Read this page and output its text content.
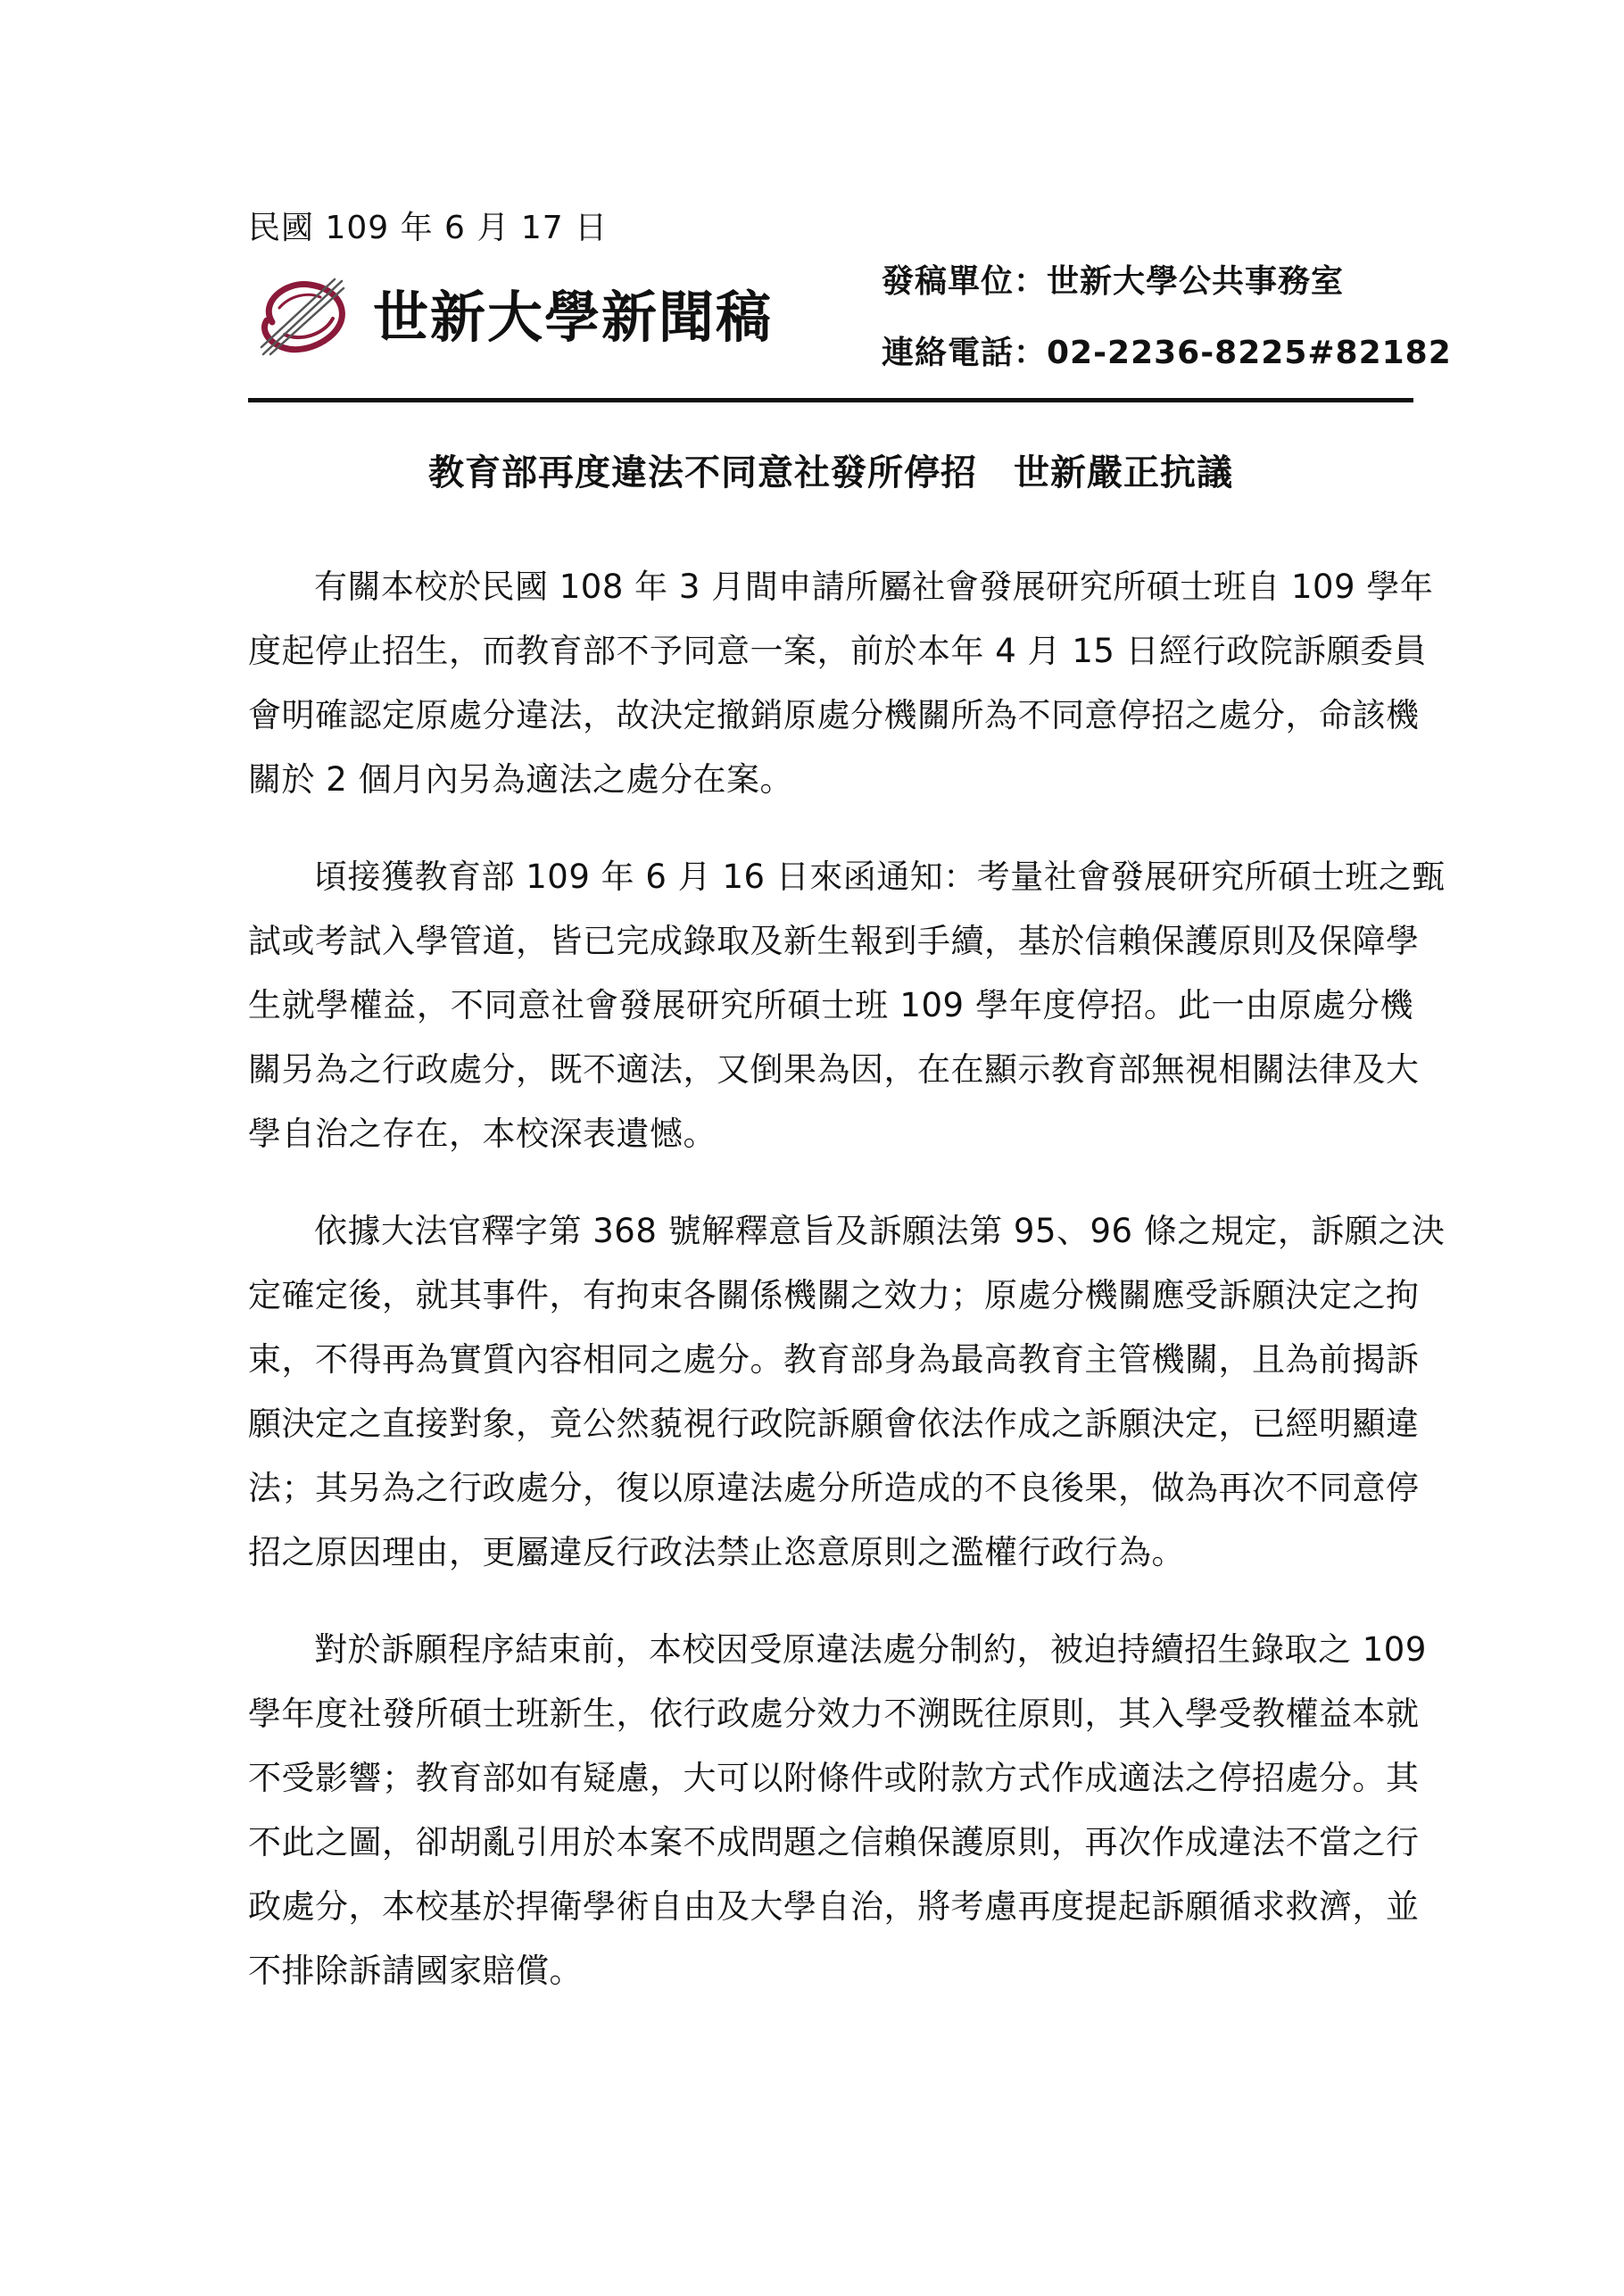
民國 109 年 6 月 17 日
世新大學新聞稿
發稿單位：世新大學公共事務室
連絡電話：02-2236-8225#82182
教育部再度違法不同意社發所停招　世新嚴正抗議
有關本校於民國 108 年 3 月間申請所屬社會發展研究所碩士班自 109 學年
度起停止招生，而教育部不予同意一案，前於本年 4 月 15 日經行政院訴願委員
會明確認定原處分違法，故決定撤銷原處分機關所為不同意停招之處分，命該機
關於 2 個月內另為適法之處分在案。
頃接獲教育部 109 年 6 月 16 日來函通知：考量社會發展研究所碩士班之甄
試或考試入學管道，皆已完成錄取及新生報到手續，基於信賴保護原則及保障學
生就學權益，不同意社會發展研究所碩士班 109 學年度停招。此一由原處分機
關另為之行政處分，既不適法，又倒果為因，在在顯示教育部無視相關法律及大
學自治之存在，本校深表遺憾。
依據大法官釋字第 368 號解釋意旨及訴願法第 95、96 條之規定，訴願之決
定確定後，就其事件，有拘束各關係機關之效力；原處分機關應受訴願決定之拘
束，不得再為實質內容相同之處分。教育部身為最高教育主管機關，且為前揭訴
願決定之直接對象，竟公然藐視行政院訴願會依法作成之訴願決定，已經明顯違
法；其另為之行政處分，復以原違法處分所造成的不良後果，做為再次不同意停
招之原因理由，更屬違反行政法禁止恣意原則之濫權行政行為。
對於訴願程序結束前，本校因受原違法處分制約，被迫持續招生錄取之 109
學年度社發所碩士班新生，依行政處分效力不溯既往原則，其入學受教權益本就
不受影響；教育部如有疑慮，大可以附條件或附款方式作成適法之停招處分。其
不此之圖，卻胡亂引用於本案不成問題之信賴保護原則，再次作成違法不當之行
政處分，本校基於捍衛學術自由及大學自治，將考慮再度提起訴願循求救濟，並
不排除訴請國家賠償。
